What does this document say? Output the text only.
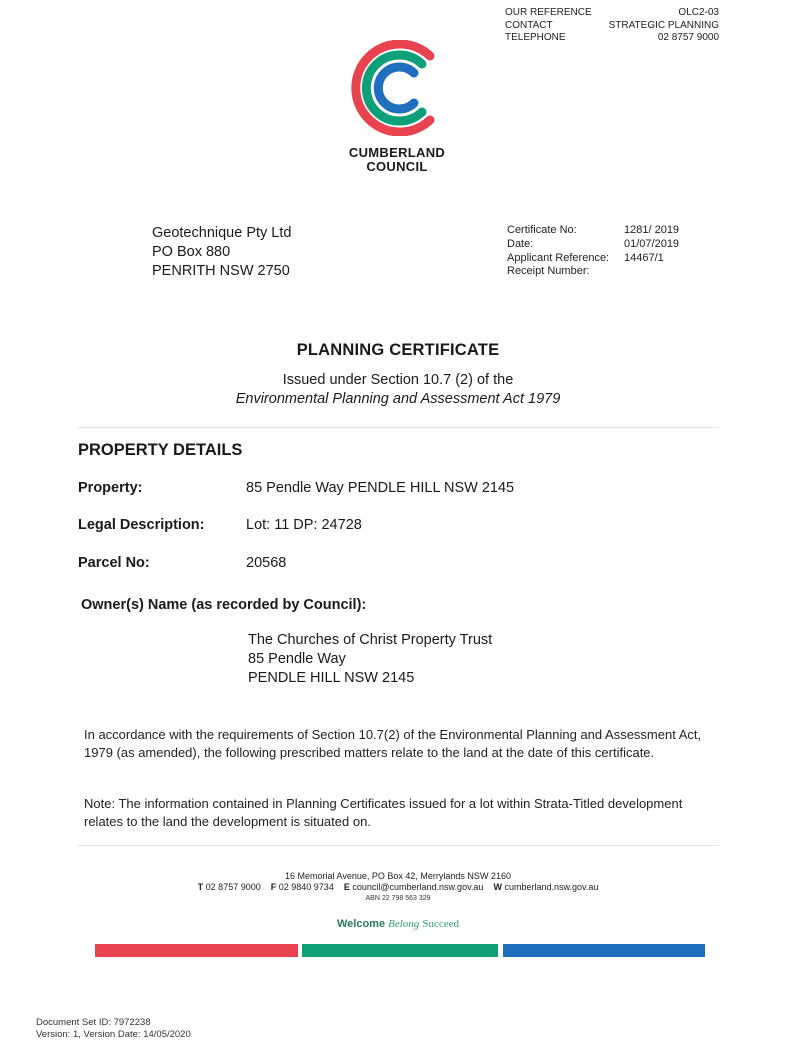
OUR REFERENCE	OLC2-03
CONTACT	STRATEGIC PLANNING
TELEPHONE	02 8757 9000
CUMBERLAND
COUNCIL
Geotechnique Pty Ltd
PO Box 880
PENRITH NSW 2750
Certificate No:	1281/ 2019
Date:	01/07/2019
Applicant Reference:	14467/1
Receipt Number:
PLANNING CERTIFICATE
Issued under Section 10.7 (2) of the
Environmental Planning and Assessment Act 1979
PROPERTY DETAILS
Property:	85 Pendle Way PENDLE HILL NSW 2145
Legal Description:	Lot: 11 DP: 24728
Parcel No:	20568
Owner(s) Name (as recorded by Council):
The Churches of Christ Property Trust
85 Pendle Way
PENDLE HILL NSW 2145
In accordance with the requirements of Section 10.7(2) of the Environmental Planning and Assessment Act, 1979 (as amended), the following prescribed matters relate to the land at the date of this certificate.
Note: The information contained in Planning Certificates issued for a lot within Strata-Titled development relates to the land the development is situated on.
16 Memorial Avenue, PO Box 42, Merrylands NSW 2160
T 02 8757 9000 F 02 9840 9734 E council@cumberland.nsw.gov.au W cumberland.nsw.gov.au
ABN 22 798 563 329
Welcome Belong Succeed
Document Set ID: 7972238
Version: 1, Version Date: 14/05/2020
